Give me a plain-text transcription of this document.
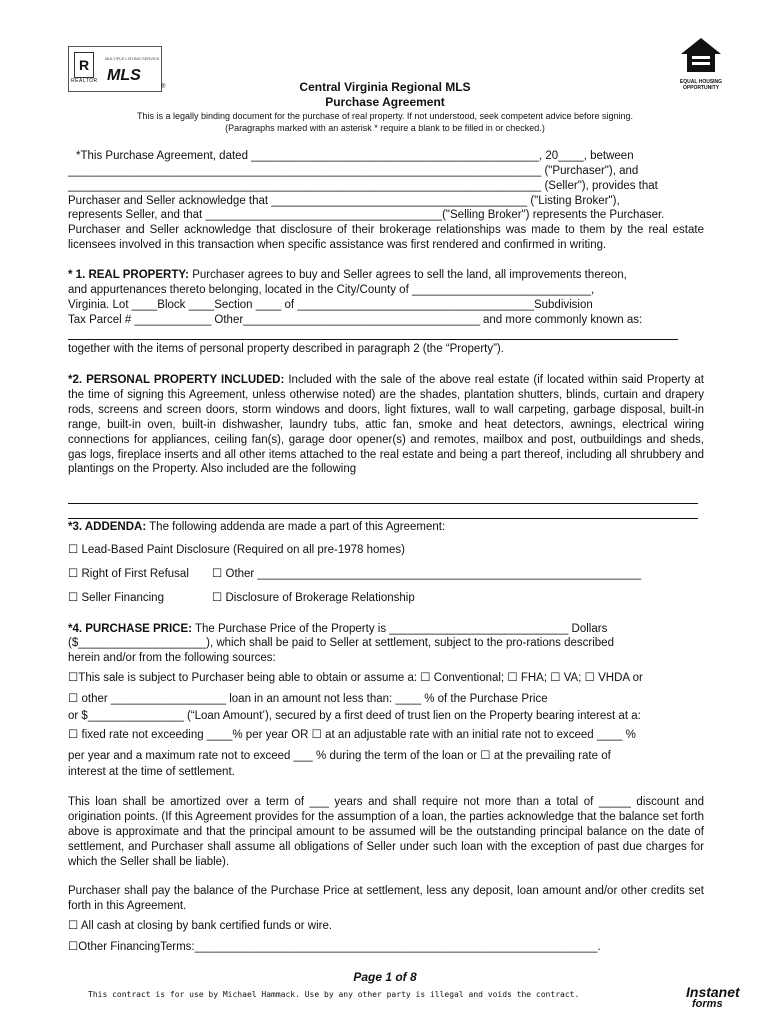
R
REALTOR
MULTIPLE LISTING SERVICE
MLS
®
EQUAL HOUSING
OPPORTUNITY
Central Virginia Regional MLS
Purchase Agreement
This is a legally binding document for the purchase of real property. If not understood, seek competent advice before signing.
(Paragraphs marked with an asterisk * require a blank to be filled in or checked.)
*This Purchase Agreement, dated _____________________________________________, 20____, between
__________________________________________________________________________ ("Purchaser"), and
__________________________________________________________________________ (Seller"), provides that
Purchaser and Seller acknowledge that ________________________________________ ("Listing Broker"),
represents Seller, and that _____________________________________("Selling Broker") represents the Purchaser.
Purchaser and Seller acknowledge that disclosure of their brokerage relationships was made to them by the real estate licensees involved in this transaction when specific assistance was first rendered and confirmed in writing.
* 1. REAL PROPERTY: Purchaser agrees to buy and Seller agrees to sell the land, all improvements thereon,
and appurtenances thereto belonging, located in the City/County of ____________________________,
Virginia. Lot ____Block ____Section ____ of _____________________________________Subdivision
Tax Parcel # ____________ Other_____________________________________ and more commonly known as:
together with the items of personal property described in paragraph 2 (the “Property”).
*2. PERSONAL PROPERTY INCLUDED: Included with the sale of the above real estate (if located within said Property at the time of signing this Agreement, unless otherwise noted) are the shades, plantation shutters, blinds, curtain and drapery rods, screens and screen doors, storm windows and doors, light fixtures, wall to wall carpeting, garbage disposal, built-in range, built-in oven, built-in dishwasher, laundry tubs, attic fan, smoke and heat detectors, awnings, electrical wiring connections for appliances, ceiling fan(s), garage door opener(s) and remotes, mailbox and post, outbuildings and sheds, gas logs, fireplace inserts and all other items attached to the real estate and being a part thereof, including all shrubbery and plantings on the Property. Also included are the following
*3. ADDENDA: The following addenda are made a part of this Agreement:
☐ Lead-Based Paint Disclosure (Required on all pre-1978 homes)
☐ Right of First Refusal	☐ Other ____________________________________________________________
☐ Seller Financing	☐ Disclosure of Brokerage Relationship
*4. PURCHASE PRICE: The Purchase Price of the Property is ____________________________ Dollars
($____________________), which shall be paid to Seller at settlement, subject to the pro-rations described
herein and/or from the following sources:
☐This sale is subject to Purchaser being able to obtain or assume a: ☐ Conventional; ☐ FHA; ☐ VA; ☐ VHDA or
☐ other __________________ loan in an amount not less than: ____ % of the Purchase Price
or $_______________ (“Loan Amount’), secured by a first deed of trust lien on the Property bearing interest at a:
☐ fixed rate not exceeding ____% per year OR ☐ at an adjustable rate with an initial rate not to exceed ____ %
per year and a maximum rate not to exceed ___ % during the term of the loan or ☐ at the prevailing rate of
interest at the time of settlement.
This loan shall be amortized over a term of ___ years and shall require not more than a total of _____ discount and origination points. (If this Agreement provides for the assumption of a loan, the parties acknowledge that the balance set forth above is approximate and that the principal amount to be assumed will be the outstanding principal balance on the date of settlement, and Purchaser shall assume all obligations of Seller under such loan with the exception of past due charges for which the Seller shall be liable).
Purchaser shall pay the balance of the Purchase Price at settlement, less any deposit, loan amount and/or other credits set forth in this Agreement.
☐ All cash at closing by bank certified funds or wire.
☐Other FinancingTerms:_______________________________________________________________.
Page 1 of 8
This contract is for use by Michael Hammack. Use by any other party is illegal and voids the contract.	Instanet
forms
